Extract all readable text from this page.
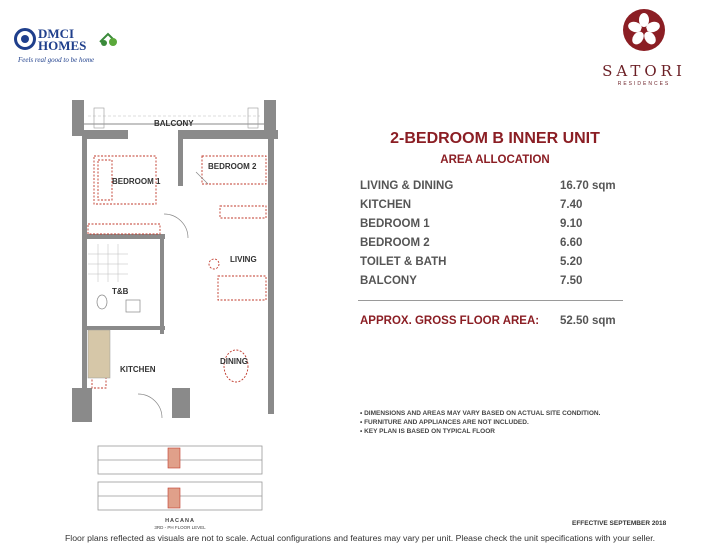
DMCI
HOMES
Feels real good to be home
SATORI
RESIDENCES
2-BEDROOM B INNER UNIT
AREA ALLOCATION
LIVING & DINING	16.70 sqm
KITCHEN	7.40
BEDROOM 1	9.10
BEDROOM 2	6.60
TOILET & BATH	5.20
BALCONY	7.50
APPROX. GROSS FLOOR AREA: 52.50 sqm
• DIMENSIONS AND AREAS MAY VARY BASED ON ACTUAL SITE CONDITION.
• FURNITURE AND APPLIANCES ARE NOT INCLUDED.
• KEY PLAN IS BASED ON TYPICAL FLOOR
BALCONY
BEDROOM 1
BEDROOM 2
LIVING
T&B
DINING
KITCHEN
HACANA
3RD - PH FLOOR LEVEL
EFFECTIVE SEPTEMBER 2018
Floor plans reflected as visuals are not to scale. Actual configurations and features may vary per unit. Please check the unit specifications with your seller.
